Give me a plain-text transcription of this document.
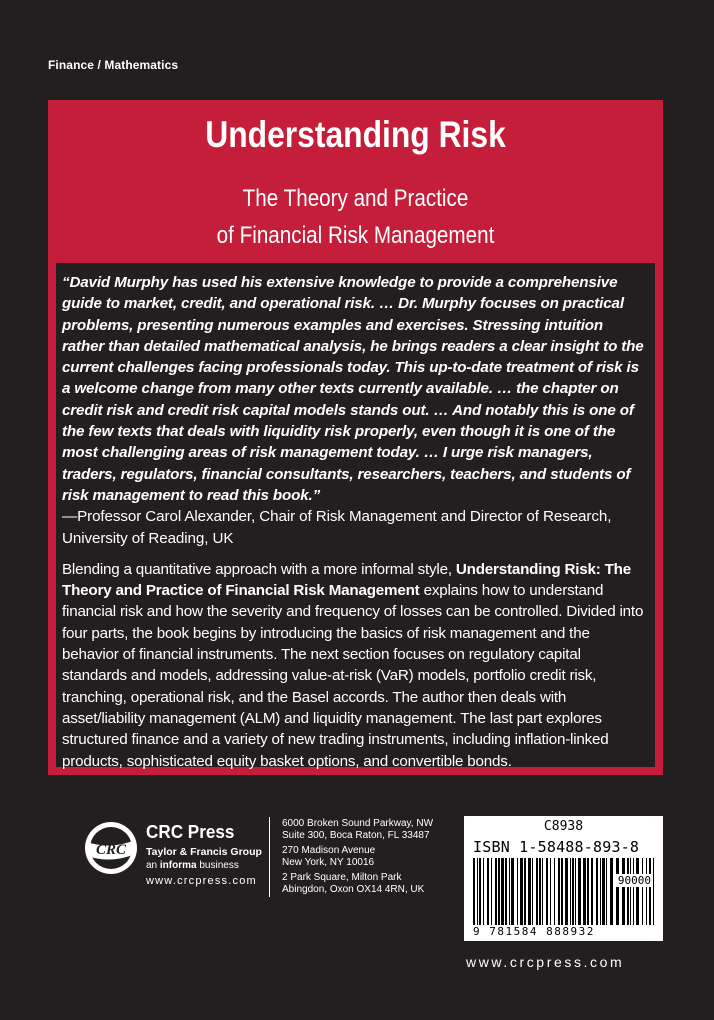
Finance / Mathematics
Understanding Risk
The Theory and Practice
of Financial Risk Management

“David Murphy has used his extensive knowledge to provide a comprehensive guide to market, credit, and operational risk. … Dr. Murphy focuses on practical problems, presenting numerous examples and exercises. Stressing intuition rather than detailed mathematical analysis, he brings readers a clear insight to the current challenges facing professionals today. This up-to-date treatment of risk is a welcome change from many other texts currently available. … the chapter on credit risk and credit risk capital models stands out. … And notably this is one of the few texts that deals with liquidity risk properly, even though it is one of the most challenging areas of risk management today. … I urge risk managers, traders, regulators, financial consultants, researchers, teachers, and students of risk management to read this book.”

—Professor Carol Alexander, Chair of Risk Management and Director of Research, University of Reading, UK

Blending a quantitative approach with a more informal style, Understanding Risk: The Theory and Practice of Financial Risk Management explains how to understand financial risk and how the severity and frequency of losses can be controlled. Divided into four parts, the book begins by introducing the basics of risk management and the behavior of financial instruments. The next section focuses on regulatory capital standards and models, addressing value-at-risk (VaR) models, portfolio credit risk, tranching, operational risk, and the Basel accords. The author then deals with asset/liability management (ALM) and liquidity management. The last part explores structured finance and a variety of new trading instruments, including inflation-linked products, sophisticated equity basket options, and convertible bonds.

CRC
CRC Press
Taylor & Francis Group
an informa business
www.crcpress.com
6000 Broken Sound Parkway, NW
Suite 300, Boca Raton, FL 33487
270 Madison Avenue
New York, NY 10016
2 Park Square, Milton Park
Abingdon, Oxon OX14 4RN, UK
C8938
ISBN 1-58488-893-8
90000
9 781584 888932
www.crcpress.com
